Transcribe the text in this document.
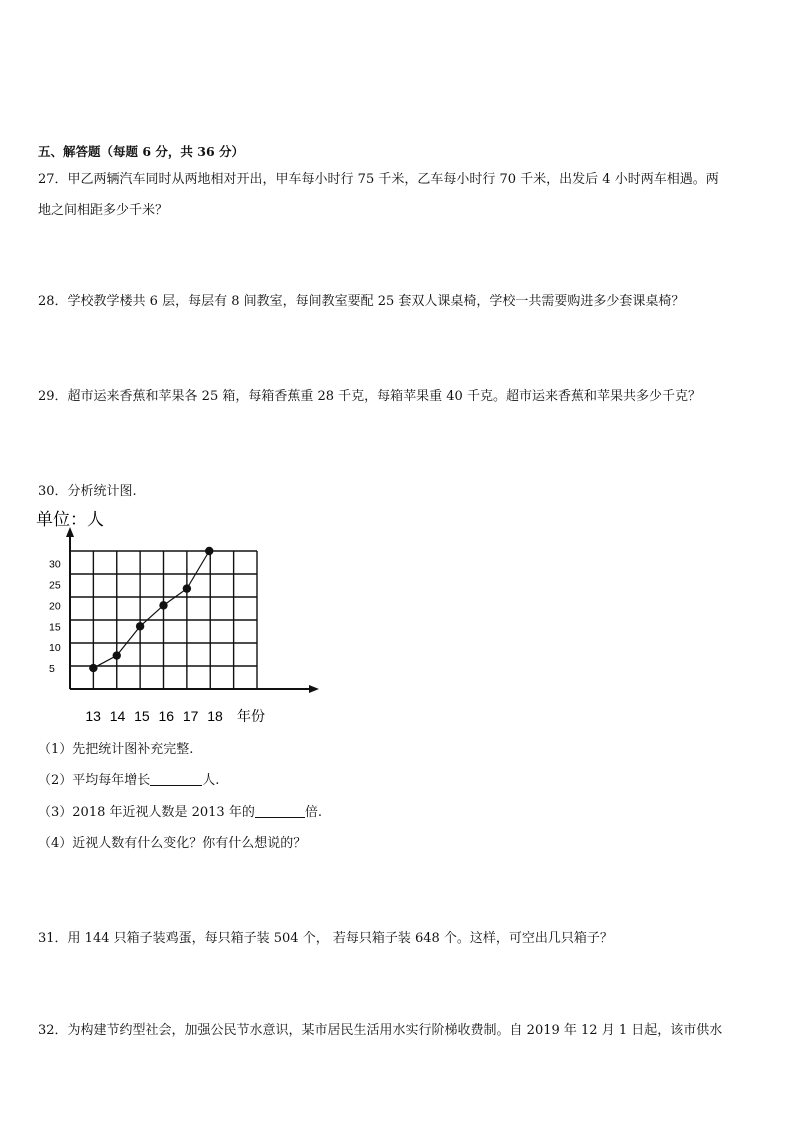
五、解答题（每题 6 分，共 36 分）
27．甲乙两辆汽车同时从两地相对开出，甲车每小时行 75 千米，乙车每小时行 70 千米，出发后 4 小时两车相遇。两
地之间相距多少千米？
28．学校教学楼共 6 层，每层有 8 间教室，每间教室要配 25 套双人课桌椅，学校一共需要购进多少套课桌椅？
29．超市运来香蕉和苹果各 25 箱，每箱香蕉重 28 千克，每箱苹果重 40 千克。超市运来香蕉和苹果共多少千克？
30．分析统计图.
5
10
15
20
25
30
13 14 15 16 17 18
单位：人
年份
（1）先把统计图补充完整.
（2）平均每年增长	人.
（3）2018 年近视人数是 2013 年的	倍.
（4）近视人数有什么变化？你有什么想说的？
31．用 144 只箱子装鸡蛋，每只箱子装 504 个， 若每只箱子装 648 个。这样，可空出几只箱子？
32．为构建节约型社会，加强公民节水意识，某市居民生活用水实行阶梯收费制。自 2019 年 12 月 1 日起，该市供水
